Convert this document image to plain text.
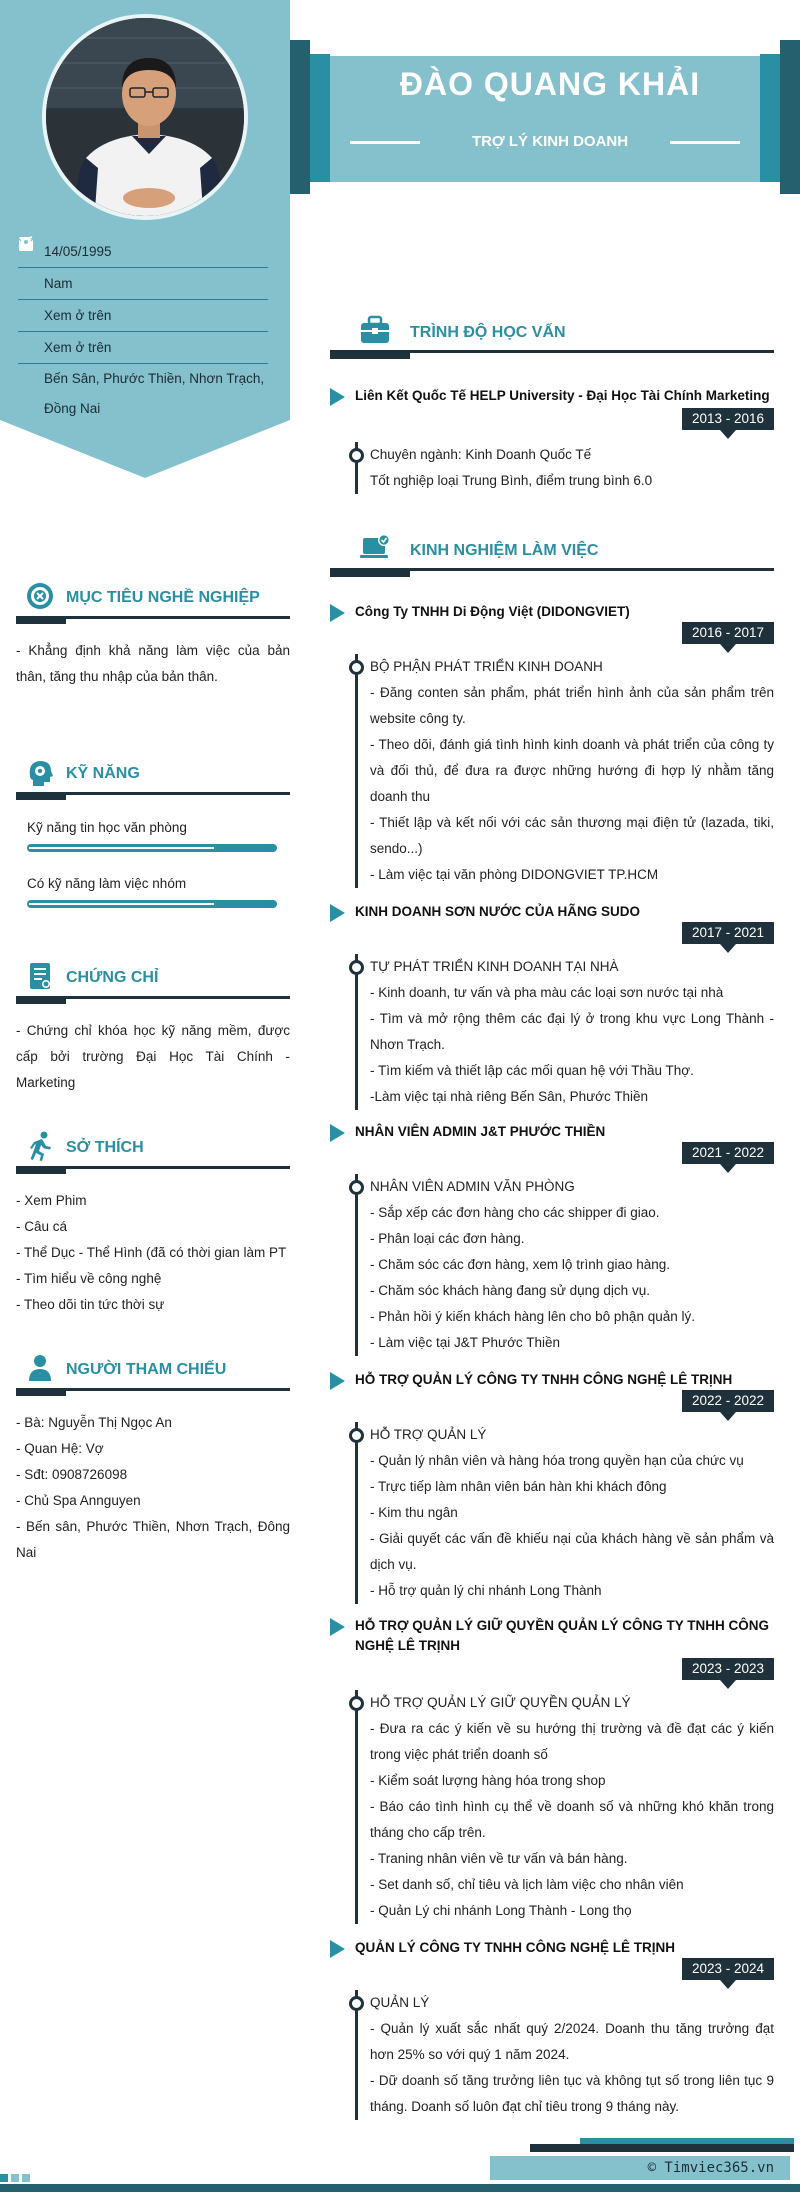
14/05/1995
Nam
Xem ở trên
Xem ở trên
Bến Sân, Phước Thiền, Nhơn Trạch, Đồng Nai
MỤC TIÊU NGHỀ NGHIỆP
- Khẳng định khả năng làm việc của bản thân, tăng thu nhập của bản thân.
KỸ NĂNG
Kỹ năng tin học văn phòng
Có kỹ năng làm việc nhóm
CHỨNG CHỈ
- Chứng chỉ khóa học kỹ năng mềm, được cấp bởi trường Đại Học Tài Chính - Marketing
SỞ THÍCH
- Xem Phim
- Câu cá
- Thể Dục - Thể Hình (đã có thời gian làm PT
- Tìm hiểu về công nghệ
- Theo dõi tin tức thời sự
NGƯỜI THAM CHIẾU
- Bà: Nguyễn Thị Ngọc An
- Quan Hệ: Vợ
- Sđt: 0908726098
- Chủ Spa Annguyen
- Bến sân, Phước Thiền, Nhơn Trạch, Đông Nai
ĐÀO QUANG KHẢI
TRỢ LÝ KINH DOANH
TRÌNH ĐỘ HỌC VẤN
Liên Kết Quốc Tế HELP University - Đại Học Tài Chính Marketing
2013 - 2016
Chuyên ngành: Kinh Doanh Quốc Tế
Tốt nghiệp loại Trung Bình, điểm trung bình 6.0
KINH NGHIỆM LÀM VIỆC
Công Ty TNHH Di Động Việt (DIDONGVIET)
2016 - 2017
BỘ PHẬN PHÁT TRIỂN KINH DOANH
- Đăng conten sản phẩm, phát triển hình ảnh của sản phẩm trên website công ty.
- Theo dõi, đánh giá tình hình kinh doanh và phát triển của công ty và đối thủ, để đưa ra được những hướng đi hợp lý nhằm tăng doanh thu
- Thiết lập và kết nối với các sản thương mại điện tử (lazada, tiki, sendo...)
- Làm việc tại văn phòng DIDONGVIET TP.HCM
KINH DOANH SƠN NƯỚC CỦA HÃNG SUDO
2017 - 2021
TỰ PHÁT TRIỂN KINH DOANH TẠI NHÀ
- Kinh doanh, tư vấn và pha màu các loại sơn nước tại nhà
- Tìm và mở rộng thêm các đại lý ở trong khu vực Long Thành - Nhơn Trạch.
- Tìm kiếm và thiết lập các mối quan hệ với Thầu Thợ.
-Làm việc tại nhà riêng Bến Sân, Phước Thiền
NHÂN VIÊN ADMIN J&T PHƯỚC THIỀN
2021 - 2022
NHÂN VIÊN ADMIN VĂN PHÒNG
- Sắp xếp các đơn hàng cho các shipper đi giao.
- Phân loại các đơn hàng.
- Chăm sóc các đơn hàng, xem lộ trình giao hàng.
- Chăm sóc khách hàng đang sử dụng dịch vụ.
- Phản hồi ý kiến khách hàng lên cho bô phận quản lý.
- Làm việc tại J&T Phước Thiền
HỖ TRỢ QUẢN LÝ CÔNG TY TNHH CÔNG NGHỆ LÊ TRỊNH
2022 - 2022
HỖ TRỢ QUẢN LÝ
- Quản lý nhân viên và hàng hóa trong quyền hạn của chức vụ
- Trực tiếp làm nhân viên bán hàn khi khách đông
- Kim thu ngân
- Giải quyết các vấn đề khiếu nại của khách hàng về sản phẩm và dịch vụ.
- Hỗ trợ quản lý chi nhánh Long Thành
HỖ TRỢ QUẢN LÝ GIỮ QUYỀN QUẢN LÝ CÔNG TY TNHH CÔNG NGHỆ LÊ TRỊNH
2023 - 2023
HỖ TRỢ QUẢN LÝ GIỮ QUYỀN QUẢN LÝ
- Đưa ra các ý kiến về su hướng thị trường và đề đạt các ý kiến trong việc phát triển doanh số
- Kiểm soát lượng hàng hóa trong shop
- Báo cáo tình hình cụ thể về doanh số và những khó khăn trong tháng cho cấp trên.
- Traning nhân viên về tư vấn và bán hàng.
- Set danh số, chỉ tiêu và lịch làm việc cho nhân viên
- Quản Lý chi nhánh Long Thành - Long thọ
QUẢN LÝ CÔNG TY TNHH CÔNG NGHỆ LÊ TRỊNH
2023 - 2024
QUẢN LÝ
- Quản lý xuất sắc nhất quý 2/2024. Doanh thu tăng trưởng đạt hơn 25% so với quý 1 năm 2024.
- Dữ doanh số tăng trưởng liên tục và không tụt số trong liên tục 9 tháng. Doanh số luôn đạt chỉ tiêu trong 9 tháng này.
© Timviec365.vn
